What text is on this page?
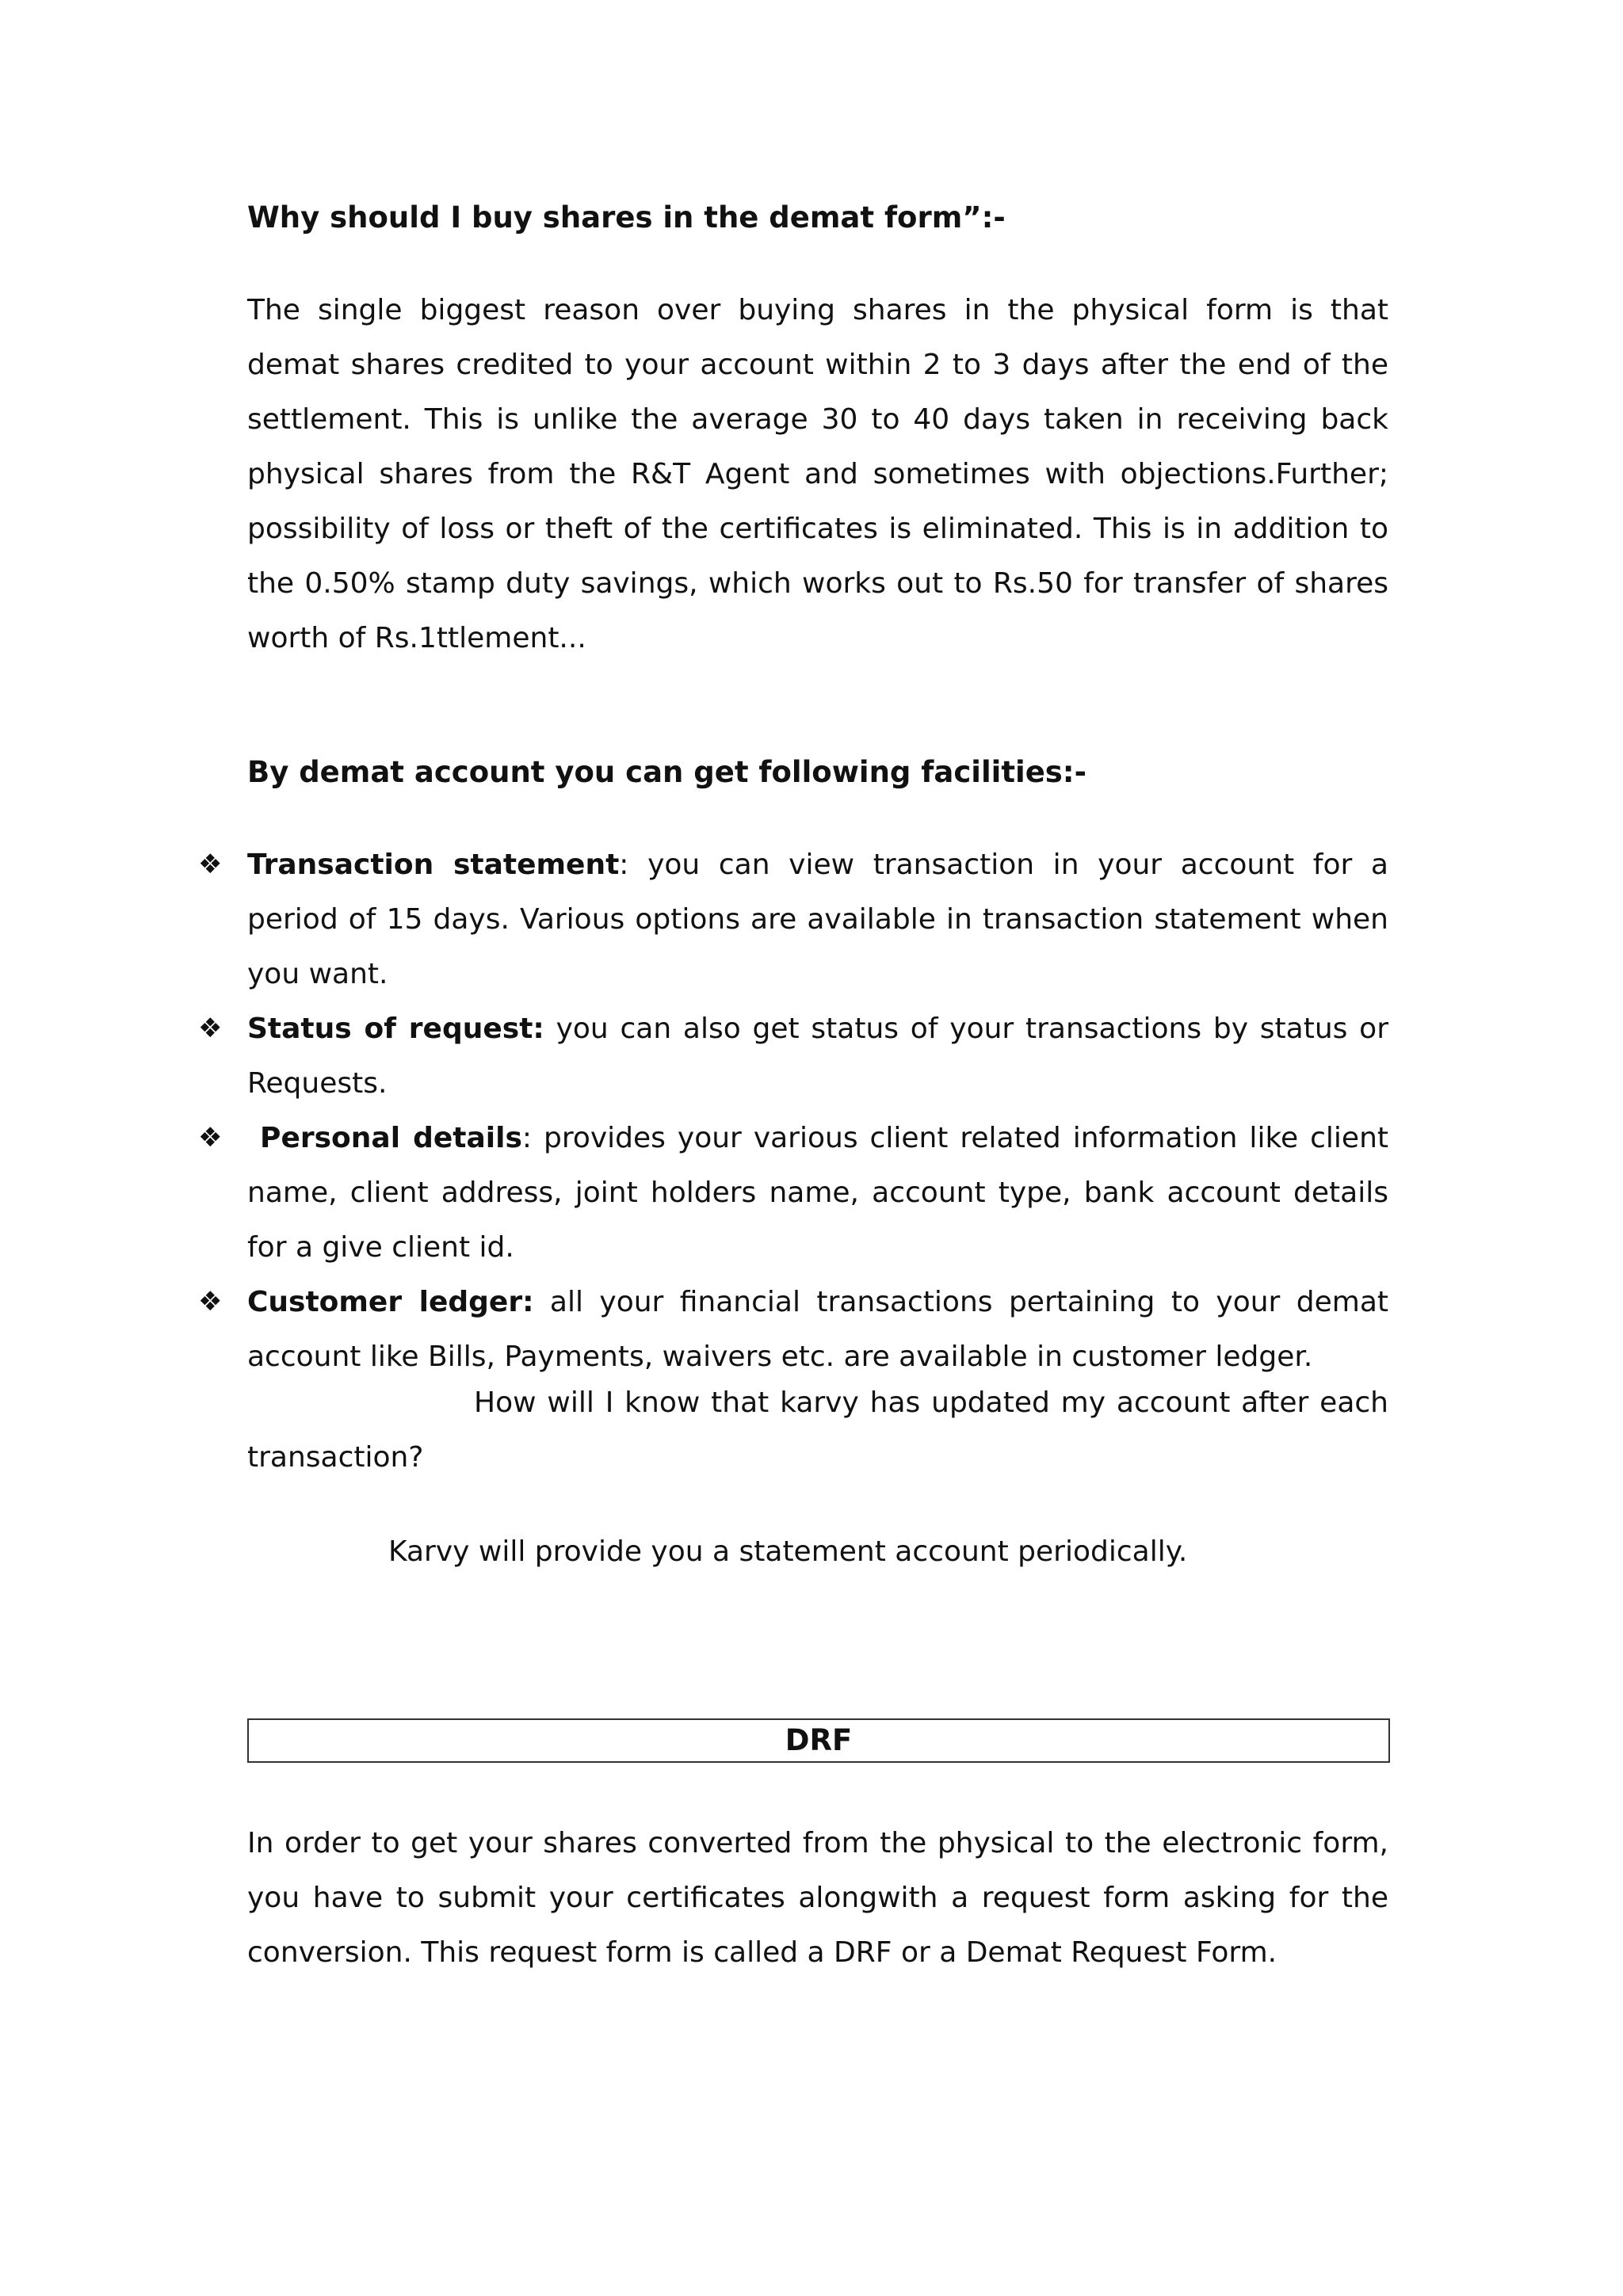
Why should I buy shares in the demat form”:-

The single biggest reason over buying shares in the physical form is that demat shares credited to your account within 2 to 3 days after the end of the settlement. This is unlike the average 30 to 40 days taken in receiving back physical shares from the R&T Agent and sometimes with objections.Further; possibility of loss or theft of the certificates is eliminated. This is in addition to the 0.50% stamp duty savings, which works out to Rs.50 for transfer of shares worth of Rs.1ttlement...

By demat account you can get following facilities:-
❖ Transaction statement: you can view transaction in your account for a period of 15 days. Various options are available in transaction statement when you want.
❖ Status of request: you can also get status of your transactions by status or Requests.
❖ Personal details: provides your various client related information like client name, client address, joint holders name, account type, bank account details for a give client id.
❖ Customer ledger: all your financial transactions pertaining to your demat account like Bills, Payments, waivers etc. are available in customer ledger.

How will I know that karvy has updated my account after each transaction?

Karvy will provide you a statement account periodically.

DRF

In order to get your shares converted from the physical to the electronic form, you have to submit your certificates alongwith a request form asking for the conversion. This request form is called a DRF or a Demat Request Form.
